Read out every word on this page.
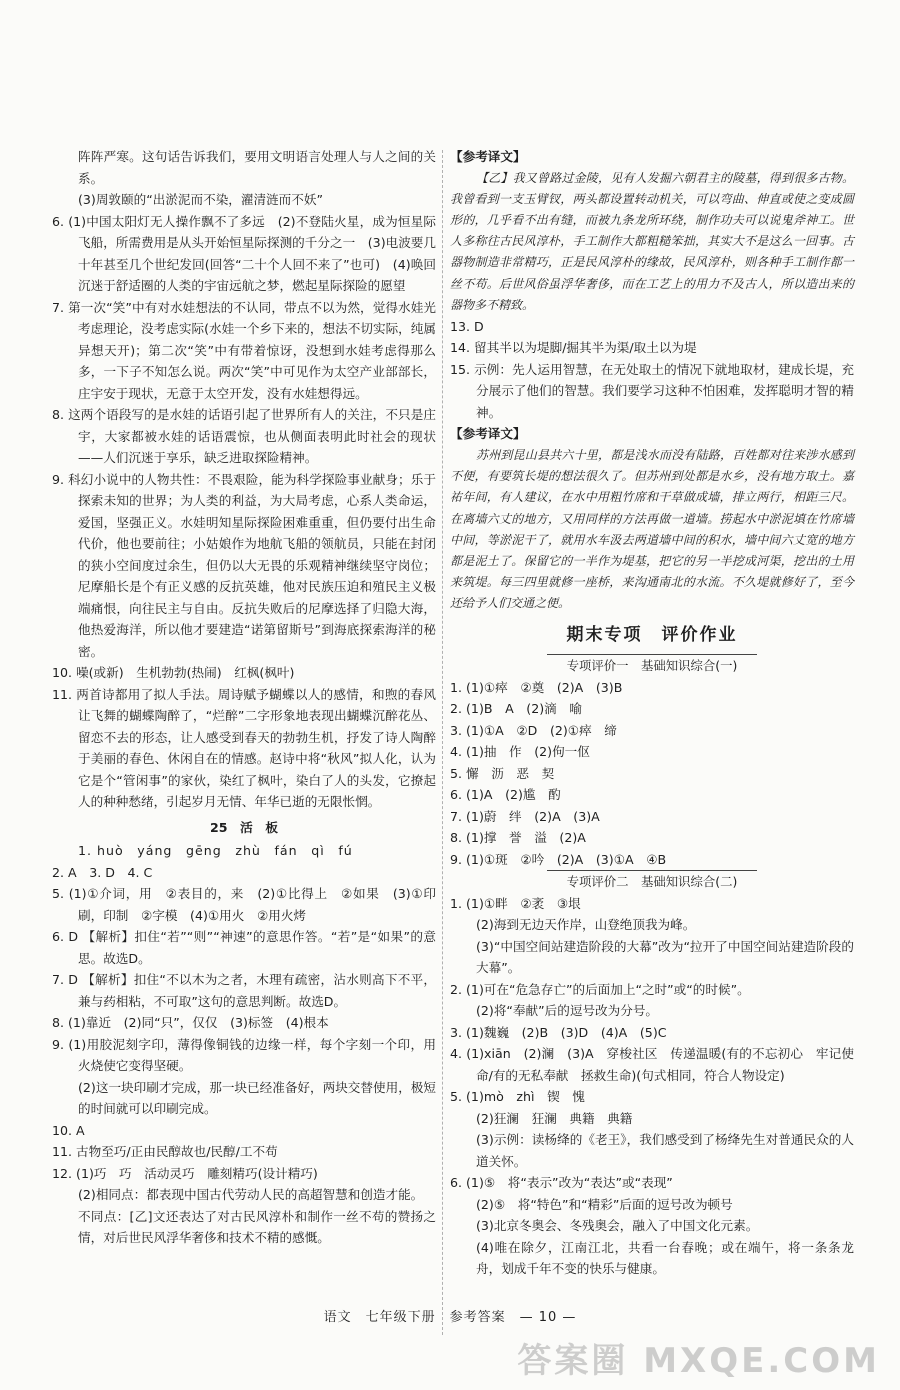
阵阵严寒。这句话告诉我们，要用文明语言处理人与人之间的关系。

(3)周敦颐的“出淤泥而不染，濯清涟而不妖”

6. (1)中国太阳灯无人操作飘不了多远　(2)不登陆火星，成为恒星际飞船，所需费用是从头开始恒星际探测的千分之一　(3)电波要几十年甚至几个世纪发回(回答“二十个人回不来了”也可)　(4)唤回沉迷于舒适圈的人类的宇宙远航之梦，燃起星际探险的愿望

7. 第一次“笑”中有对水娃想法的不认同，带点不以为然，觉得水娃光考虑理论，没考虑实际(水娃一个乡下来的，想法不切实际，纯属异想天开)；第二次“笑”中有带着惊讶，没想到水娃考虑得那么多，一下子不知怎么说。两次“笑”中可见作为太空产业部部长，庄宇安于现状，无意于太空开发，没有水娃想得远。

8. 这两个语段写的是水娃的话语引起了世界所有人的关注，不只是庄宇，大家都被水娃的话语震惊，也从侧面表明此时社会的现状——人们沉迷于享乐，缺乏进取探险精神。

9. 科幻小说中的人物共性：不畏艰险，能为科学探险事业献身；乐于探索未知的世界；为人类的利益，为大局考虑，心系人类命运，爱国，坚强正义。水娃明知星际探险困难重重，但仍要付出生命代价，他也要前往；小姑娘作为地航飞船的领航员，只能在封闭的狭小空间度过余生，但仍以大无畏的乐观精神继续坚守岗位；尼摩船长是个有正义感的反抗英雄，他对民族压迫和殖民主义极端痛恨，向往民主与自由。反抗失败后的尼摩选择了归隐大海，他热爱海洋，所以他才要建造“诺第留斯号”到海底探索海洋的秘密。

10. 噪(或新)　生机勃勃(热闹)　红枫(枫叶)

11. 两首诗都用了拟人手法。周诗赋予蝴蝶以人的感情，和煦的春风让飞舞的蝴蝶陶醉了，“烂醉”二字形象地表现出蝴蝶沉醉花丛、留恋不去的形态，让人感受到春天的勃勃生机，抒发了诗人陶醉于美丽的春色、休闲自在的情感。赵诗中将“秋风”拟人化，认为它是个“管闲事”的家伙，染红了枫叶，染白了人的头发，它撩起人的种种愁绪，引起岁月无情、年华已逝的无限怅惘。

25　活　板

1. huò　yáng　gēng　zhù　fán　qì　fú

2. A　3. D　4. C

5. (1)①介词，用　②表目的，来　(2)①比得上　②如果　(3)①印刷，印制　②字模　(4)①用火　②用火烤

6. D 【解析】扣住“若”“则”“神速”的意思作答。“若”是“如果”的意思。故选D。

7. D 【解析】扣住“不以木为之者，木理有疏密，沾水则高下不平，兼与药相粘，不可取”这句的意思判断。故选D。

8. (1)靠近　(2)同“只”，仅仅　(3)标签　(4)根本

9. (1)用胶泥刻字印，薄得像铜钱的边缘一样，每个字刻一个印，用火烧使它变得坚硬。

(2)这一块印刷才完成，那一块已经准备好，两块交替使用，极短的时间就可以印刷完成。

10. A

11. 古物至巧/正由民醇故也/民醇/工不苟

12. (1)巧　巧　活动灵巧　雕刻精巧(设计精巧)

(2)相同点：都表现中国古代劳动人民的高超智慧和创造才能。

不同点：[乙]文还表达了对古民风淳朴和制作一丝不苟的赞扬之情，对后世民风浮华奢侈和技术不精的感慨。

【参考译文】

【乙】我又曾路过金陵，见有人发掘六朝君主的陵墓，得到很多古物。我曾看到一支玉臂钗，两头都设置转动机关，可以弯曲、伸直或使之变成圆形的，几乎看不出有缝，而被九条龙所环绕，制作功夫可以说鬼斧神工。世人多称往古民风淳朴，手工制作大都粗糙笨拙，其实大不是这么一回事。古器物制造非常精巧，正是民风淳朴的缘故，民风淳朴，则各种手工制作都一丝不苟。后世风俗虽浮华奢侈，而在工艺上的用力不及古人，所以造出来的器物多不精致。

13. D

14. 留其半以为堤脚/掘其半为渠/取土以为堤

15. 示例：先人运用智慧，在无处取土的情况下就地取材，建成长堤，充分展示了他们的智慧。我们要学习这种不怕困难，发挥聪明才智的精神。

【参考译文】

苏州到昆山县共六十里，都是浅水而没有陆路，百姓都对往来涉水感到不便，有要筑长堤的想法很久了。但苏州到处都是水乡，没有地方取土。嘉祐年间，有人建议，在水中用粗竹席和干草做成墙，排立两行，相距三尺。在离墙六丈的地方，又用同样的方法再做一道墙。捞起水中淤泥填在竹席墙中间，等淤泥干了，就用水车汲去两道墙中间的积水，墙中间六丈宽的地方都是泥土了。保留它的一半作为堤基，把它的另一半挖成河渠，挖出的土用来筑堤。每三四里就修一座桥，来沟通南北的水流。不久堤就修好了，至今还给予人们交通之便。

期末专项　评价作业

专项评价一　基础知识综合(一)

1. (1)①瘁　②奠　(2)A　(3)B

2. (1)B　A　(2)滴　喻

3. (1)①A　②D　(2)①瘁　缔

4. (1)抽　作　(2)佝一伛

5. 懈　沥　恶　契

6. (1)A　(2)尴　酌

7. (1)蔚　绊　(2)A　(3)A

8. (1)撑　誉　溢　(2)A

9. (1)①斑　②吟　(2)A　(3)①A　④B

专项评价二　基础知识综合(二)

1. (1)①畔　②袤　③垠

(2)海到无边天作岸，山登绝顶我为峰。

(3)“中国空间站建造阶段的大幕”改为“拉开了中国空间站建造阶段的大幕”。

2. (1)可在“危急存亡”的后面加上“之时”或“的时候”。

(2)将“奉献”后的逗号改为分号。

3. (1)魏巍　(2)B　(3)D　(4)A　(5)C

4. (1)xiān　(2)澜　(3)A　穿梭社区　传递温暖(有的不忘初心　牢记使命/有的无私奉献　拯救生命)(句式相同，符合人物设定)

5. (1)mò　zhì　锲　愧

(2)狂澜　狂澜　典籍　典籍

(3)示例：读杨绛的《老王》，我们感受到了杨绛先生对普通民众的人道关怀。

6. (1)⑤　将“表示”改为“表达”或“表现”

(2)⑤　将“特色”和“精彩”后面的逗号改为顿号

(3)北京冬奥会、冬残奥会，融入了中国文化元素。

(4)唯在除夕，江南江北，共看一台春晚；或在端午，将一条条龙舟，划成千年不变的快乐与健康。

语文　七年级下册　参考答案　— 10 —
答案圈 MXQE.COM
